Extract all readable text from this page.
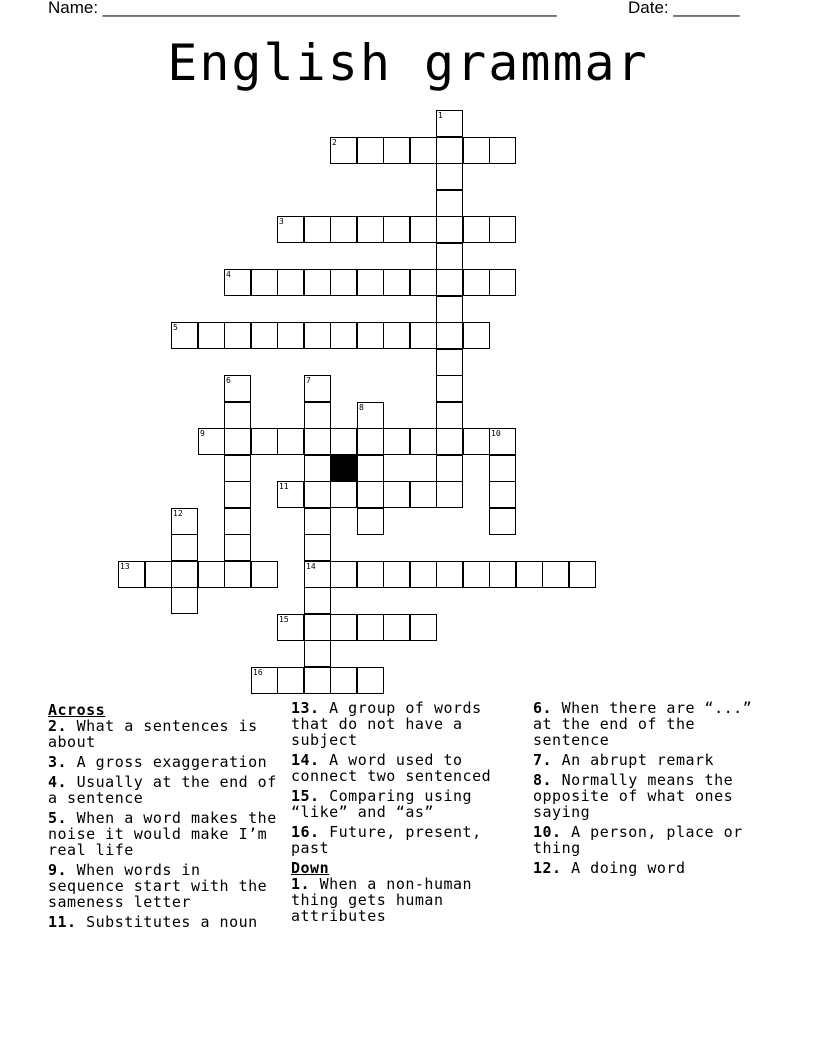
Name: ________________________________________________	Date: _______
English grammar
1
2
3
4
5
6	7
8
9	10
11
12
13	14
15
16
Across
2. What a sentences is about
3. A gross exaggeration
4. Usually at the end of a sentence
5. When a word makes the noise it would make I’m real life
9. When words in sequence start with the sameness letter
11. Substitutes a noun
13. A group of words that do not have a subject
14. A word used to connect two sentenced
15. Comparing using “like” and “as”
16. Future, present, past
Down
1. When a non-human thing gets human attributes
6. When there are “...” at the end of the sentence
7. An abrupt remark
8. Normally means the opposite of what ones saying
10. A person, place or thing
12. A doing word
